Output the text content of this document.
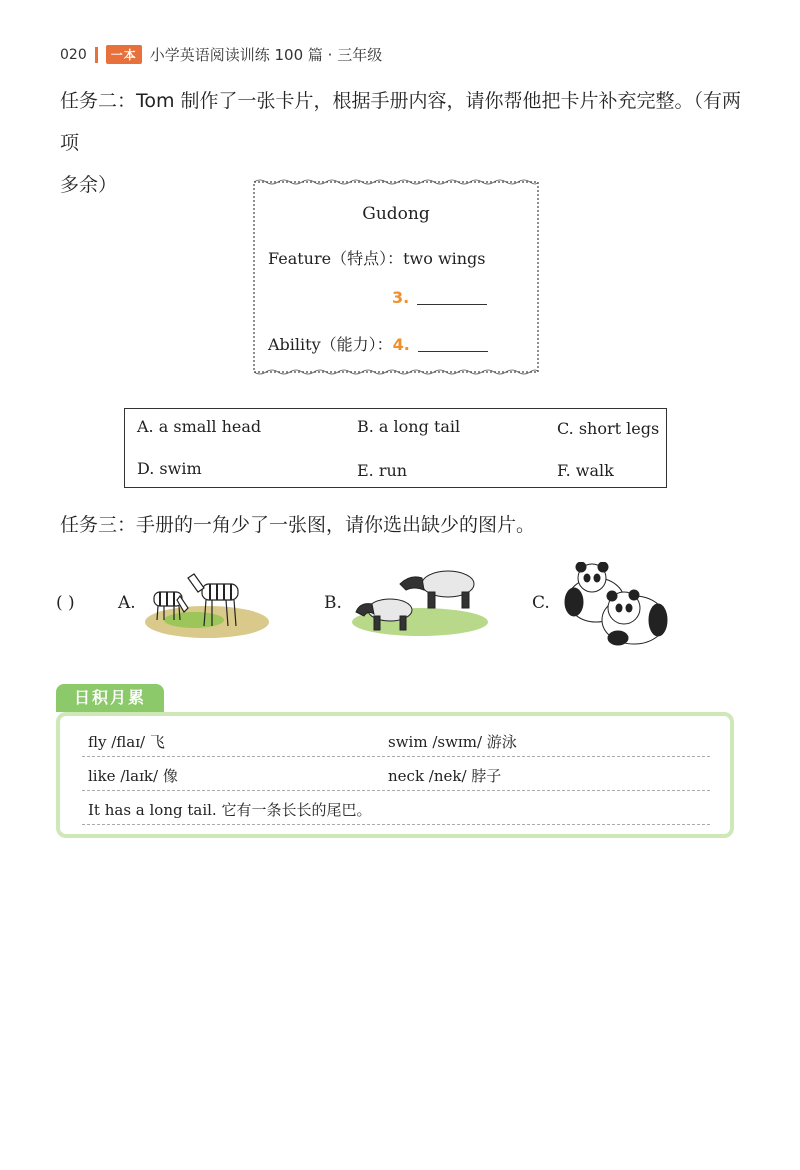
020	一本 小学英语阅读训练 100 篇 · 三年级
任务二：Tom 制作了一张卡片，根据手册内容，请你帮他把卡片补充完整。（有两项
多余）
Gudong
Feature（特点）：two wings
3.
Ability（能力）：4.
A. a small head	B. a long tail	C. short legs
D. swim	E. run	F. walk
任务三：手册的一角少了一张图，请你选出缺少的图片。
( )	A.	B.	C.
日积月累
fly /flaɪ/ 飞	swim /swɪm/ 游泳
like /laɪk/ 像	neck /nek/ 脖子
It has a long tail. 它有一条长长的尾巴。
